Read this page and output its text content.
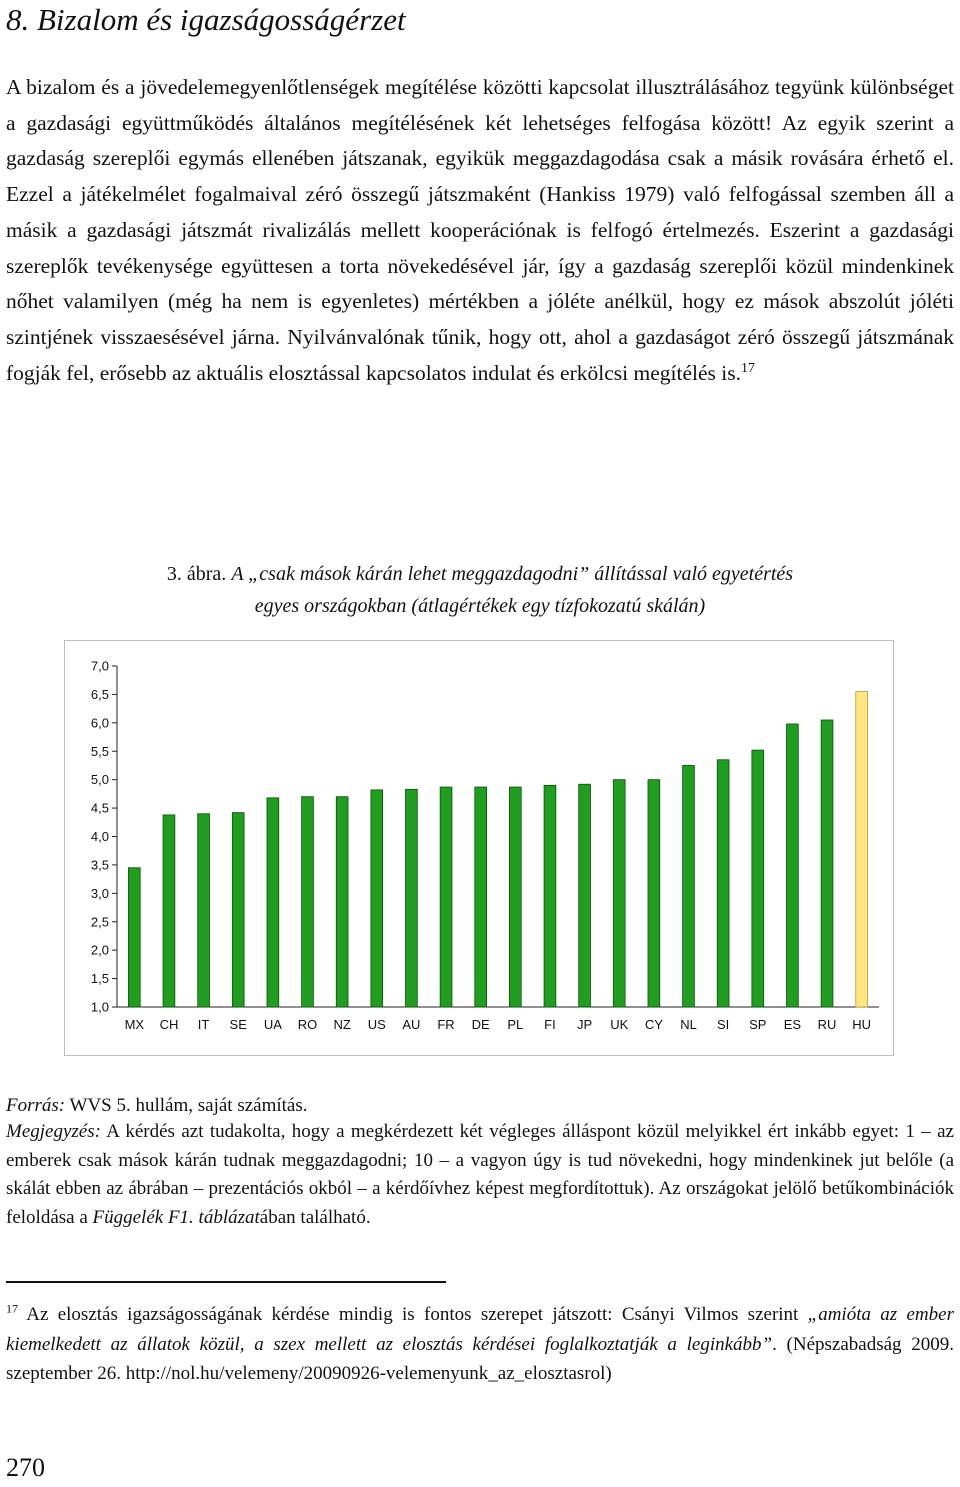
8. Bizalom és igazságosságérzet
A bizalom és a jövedelemegyenlőtlenségek megítélése közötti kapcsolat illusztrálásához tegyünk különbséget a gazdasági együttműködés általános megítélésének két lehetséges felfogása között! Az egyik szerint a gazdaság szereplői egymás ellenében játszanak, egyikük meggazdagodása csak a másik rovására érhető el. Ezzel a játékelmélet fogalmaival zéró összegű játszmaként (Hankiss 1979) való felfogással szemben áll a másik a gazdasági játszmát rivalizálás mellett kooperációnak is felfogó értelmezés. Eszerint a gazdasági szereplők tevékenysége együttesen a torta növekedésével jár, így a gazdaság szereplői közül mindenkinek nőhet valamilyen (még ha nem is egyenletes) mértékben a jóléte anélkül, hogy ez mások abszolút jóléti szintjének visszaesésével járna. Nyilvánvalónak tűnik, hogy ott, ahol a gazdaságot zéró összegű játszmának fogják fel, erősebb az aktuális elosztással kapcsolatos indulat és erkölcsi megítélés is.$^{17}$
3. ábra. A „csak mások kárán lehet meggazdagodni” állítással való egyetértés
egyes országokban (átlagértékek egy tízfokozatú skálán)
1,0
1,5
2,0
2,5
3,0
3,5
4,0
4,5
5,0
5,5
6,0
6,5
7,0
MX CH IT SE UA RO NZ US AU FR DE PL FI JP UK CY NL SI SP ES RU HU
Forrás: WVS 5. hullám, saját számítás.
Megjegyzés: A kérdés azt tudakolta, hogy a megkérdezett két végleges álláspont közül melyikkel ért inkább egyet: 1 – az emberek csak mások kárán tudnak meggazdagodni; 10 – a vagyon úgy is tud növekedni, hogy mindenkinek jut belőle (a skálát ebben az ábrában – prezentációs okból – a kérdőívhez képest megfordítottuk). Az országokat jelölő betűkombinációk feloldása a Függelék F1. táblázatában található.
$^{17}$ Az elosztás igazságosságának kérdése mindig is fontos szerepet játszott: Csányi Vilmos szerint „amióta az ember kiemelkedett az állatok közül, a szex mellett az elosztás kérdései foglalkoztatják a leginkább”. (Népszabadság 2009. szeptember 26. http://nol.hu/velemeny/20090926-velemenyunk_az_elosztasrol)
270
